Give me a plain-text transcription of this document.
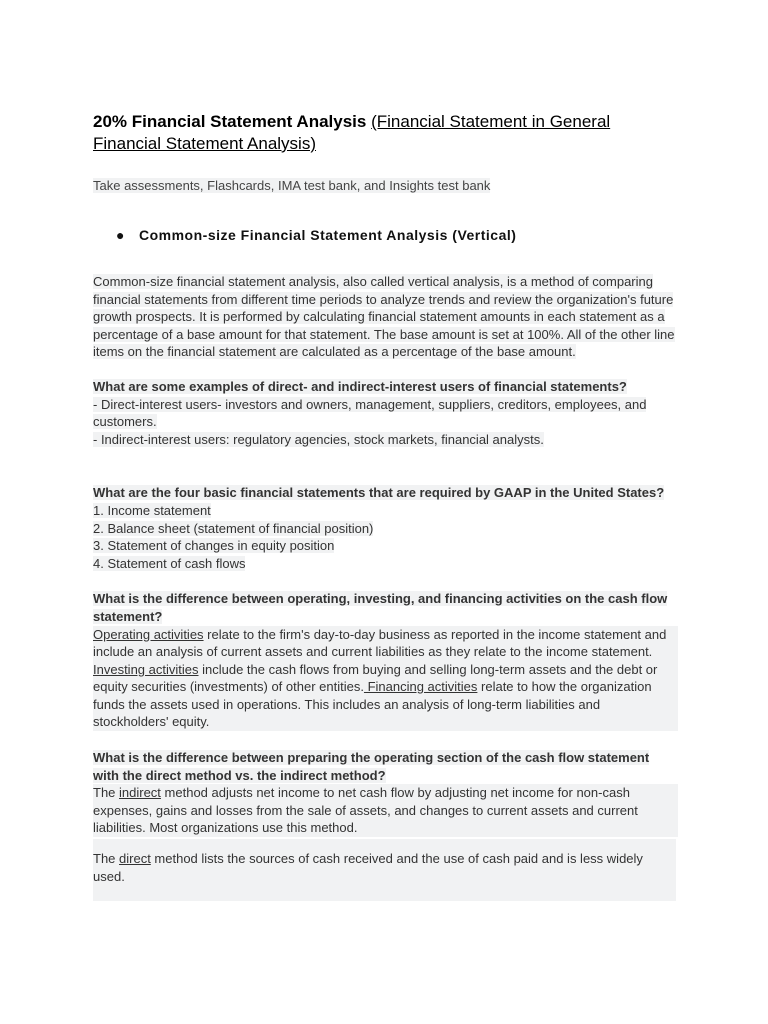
20% Financial Statement Analysis (Financial Statement in General Financial Statement Analysis)
Take assessments, Flashcards, IMA test bank, and Insights test bank
●	Common-size Financial Statement Analysis (Vertical)
Common-size financial statement analysis, also called vertical analysis, is a method of comparing financial statements from different time periods to analyze trends and review the organization's future growth prospects. It is performed by calculating financial statement amounts in each statement as a percentage of a base amount for that statement. The base amount is set at 100%. All of the other line items on the financial statement are calculated as a percentage of the base amount.

What are some examples of direct- and indirect-interest users of financial statements?

- Direct-interest users- investors and owners, management, suppliers, creditors, employees, and customers.

- Indirect-interest users: regulatory agencies, stock markets, financial analysts.

What are the four basic financial statements that are required by GAAP in the United States?

1. Income statement

2. Balance sheet (statement of financial position)

3. Statement of changes in equity position

4. Statement of cash flows

What is the difference between operating, investing, and financing activities on the cash flow statement?

Operating activities relate to the firm's day-to-day business as reported in the income statement and include an analysis of current assets and current liabilities as they relate to the income statement. Investing activities include the cash flows from buying and selling long-term assets and the debt or equity securities (investments) of other entities. Financing activities relate to how the organization funds the assets used in operations. This includes an analysis of long-term liabilities and stockholders' equity.

What is the difference between preparing the operating section of the cash flow statement with the direct method vs. the indirect method?

The indirect method adjusts net income to net cash flow by adjusting net income for non-cash expenses, gains and losses from the sale of assets, and changes to current assets and current liabilities. Most organizations use this method.

The direct method lists the sources of cash received and the use of cash paid and is less widely used.
